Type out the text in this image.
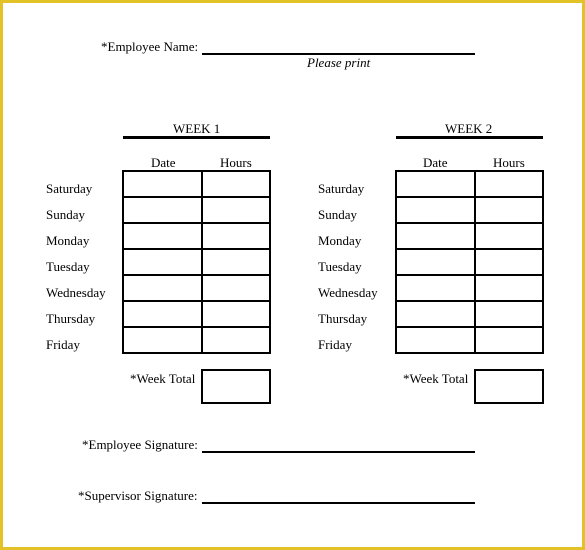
*Employee Name:
Please print
WEEK 1
Date	Hours
Saturday
Sunday
Monday
Tuesday
Wednesday
Thursday
Friday
*Week Total
WEEK 2
Date	Hours
Saturday
Sunday
Monday
Tuesday
Wednesday
Thursday
Friday
*Week Total
*Employee Signature:
*Supervisor Signature:
